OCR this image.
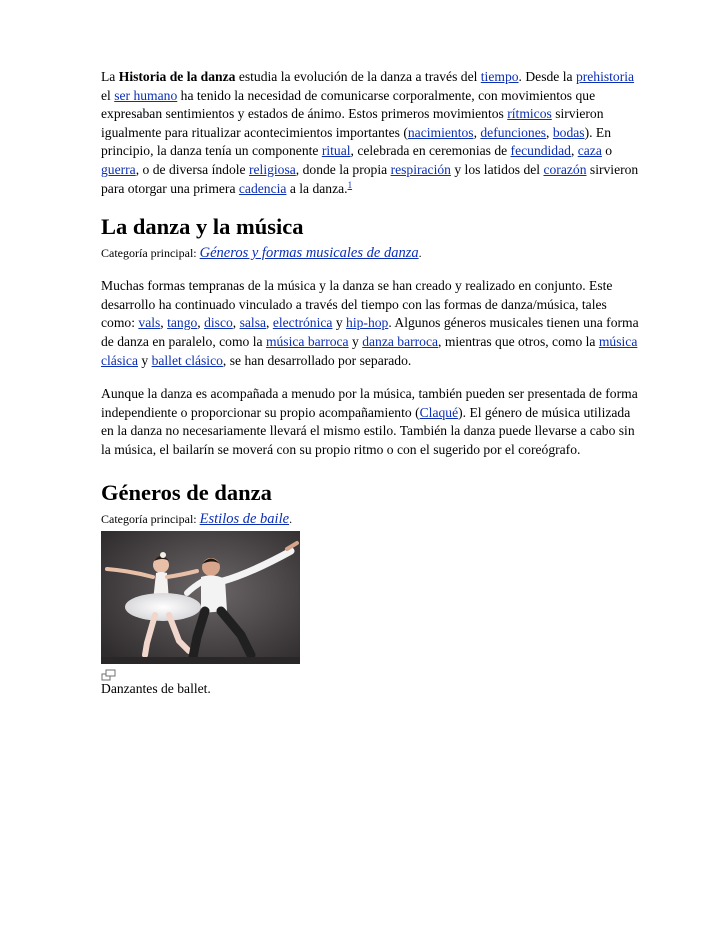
La Historia de la danza estudia la evolución de la danza a través del tiempo. Desde la prehistoria el ser humano ha tenido la necesidad de comunicarse corporalmente, con movimientos que expresaban sentimientos y estados de ánimo. Estos primeros movimientos rítmicos sirvieron igualmente para ritualizar acontecimientos importantes (nacimientos, defunciones, bodas). En principio, la danza tenía un componente ritual, celebrada en ceremonias de fecundidad, caza o guerra, o de diversa índole religiosa, donde la propia respiración y los latidos del corazón sirvieron para otorgar una primera cadencia a la danza.$^1$

La danza y la música

Categoría principal: Géneros y formas musicales de danza.

Muchas formas tempranas de la música y la danza se han creado y realizado en conjunto. Este desarrollo ha continuado vinculado a través del tiempo con las formas de danza/música, tales como: vals, tango, disco, salsa, electrónica y hip-hop. Algunos géneros musicales tienen una forma de danza en paralelo, como la música barroca y danza barroca, mientras que otros, como la música clásica y ballet clásico, se han desarrollado por separado.

Aunque la danza es acompañada a menudo por la música, también pueden ser presentada de forma independiente o proporcionar su propio acompañamiento (Claqué). El género de música utilizada en la danza no necesariamente llevará el mismo estilo. También la danza puede llevarse a cabo sin la música, el bailarín se moverá con su propio ritmo o con el sugerido por el coreógrafo.

Géneros de danza

Categoría principal: Estilos de baile.

Danzantes de ballet.
